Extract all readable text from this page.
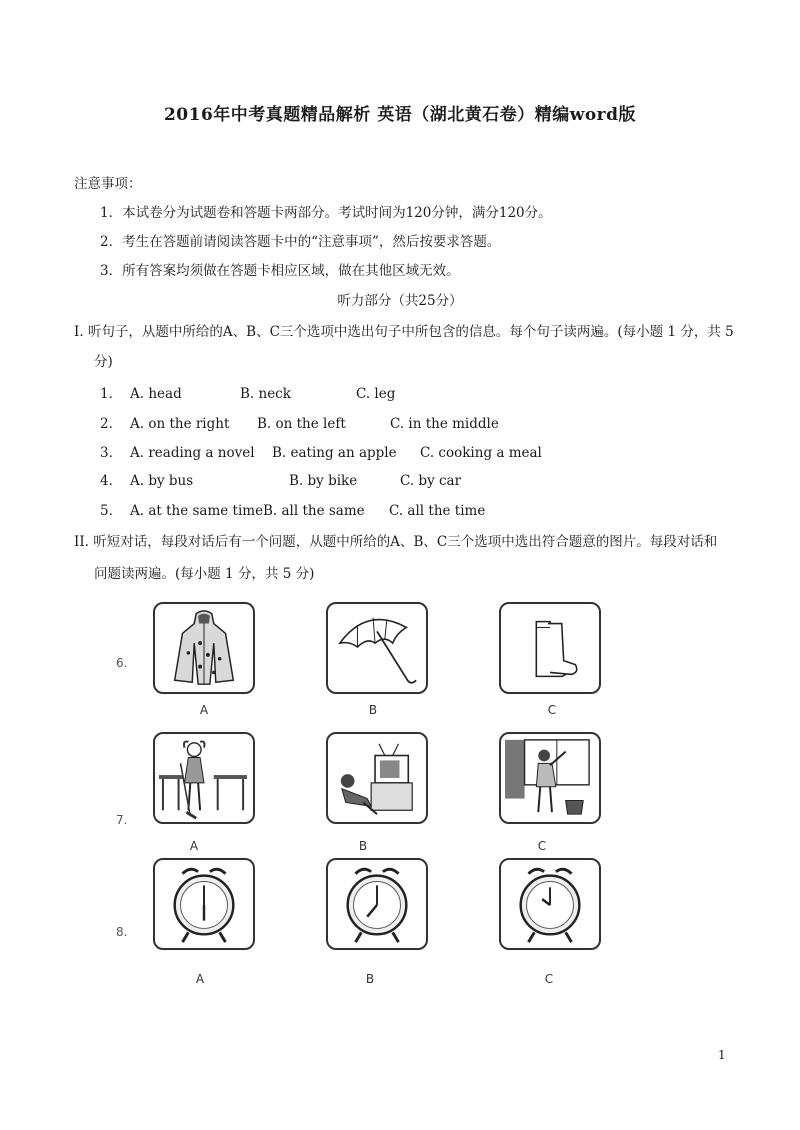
2016年中考真题精品解析 英语（湖北黄石卷）精编word版
注意事项：
1．本试卷分为试题卷和答题卡两部分。考试时间为120分钟，满分120分。
2．考生在答题前请阅读答题卡中的“注意事项”，然后按要求答题。
3．所有答案均须做在答题卡相应区域，做在其他区域无效。
听力部分（共25分）
I. 听句子，从题中所给的A、B、C三个选项中选出句子中所包含的信息。每个句子读两遍。(每小题 1 分，共 5
分)
1． A. head	B. neck	C. leg
2． A. on the right B. on the left	C. in the middle
3． A. reading a novel B. eating an apple C. cooking a meal
4． A. by bus	B. by bike	C. by car
5． A. at the same time B. all the same C. all the time
II. 听短对话，每段对话后有一个问题，从题中所给的A、B、C三个选项中选出符合题意的图片。每段对话和
问题读两遍。(每小题 1 分，共 5 分)
6.
A	B	C
7.
A	B	C
8.
A	B	C
1
